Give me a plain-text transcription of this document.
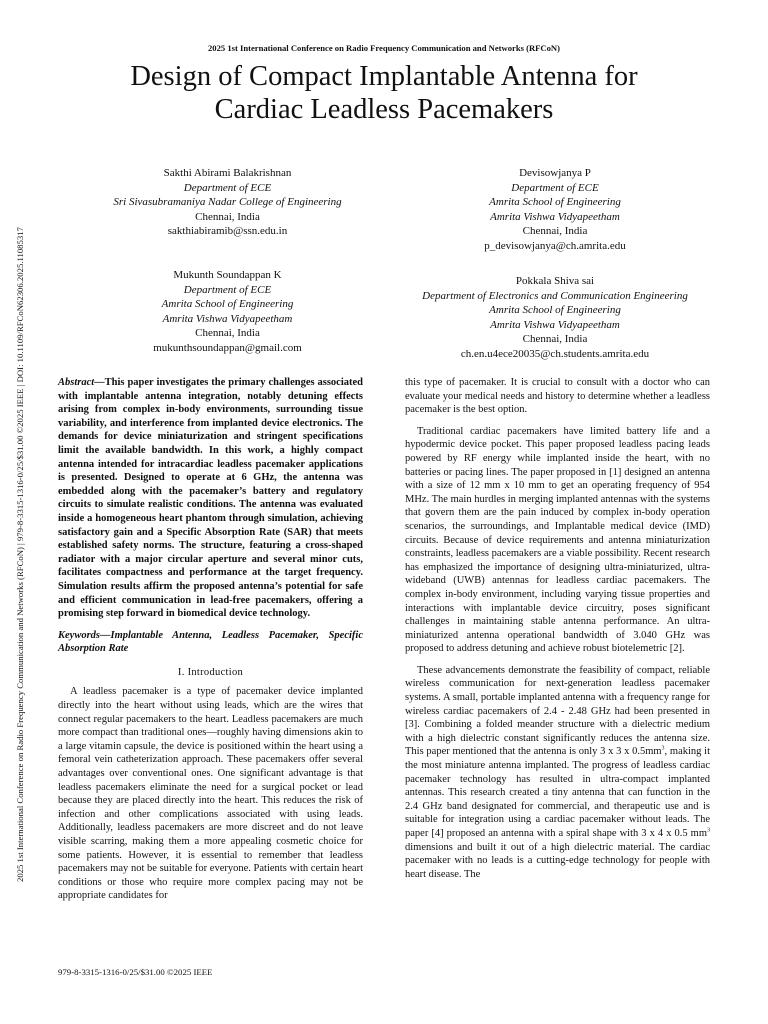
2025 1st International Conference on Radio Frequency Communication and Networks (RFCoN)
Design of Compact Implantable Antenna for
Cardiac Leadless Pacemakers
2025 1st International Conference on Radio Frequency Communication and Networks (RFCoN) | 979-8-3315-1316-0/25/$31.00 ©2025 IEEE | DOI: 10.1109/RFCoN62306.2025.11085317
Sakthi Abirami Balakrishnan
Department of ECE
Sri Sivasubramaniya Nadar College of Engineering
Chennai, India
sakthiabiramib@ssn.edu.in
Devisowjanya P
Department of ECE
Amrita School of Engineering
Amrita Vishwa Vidyapeetham
Chennai, India
p_devisowjanya@ch.amrita.edu
Mukunth Soundappan K
Department of ECE
Amrita School of Engineering
Amrita Vishwa Vidyapeetham
Chennai, India
mukunthsoundappan@gmail.com
Pokkala Shiva sai
Department of Electronics and Communication Engineering
Amrita School of Engineering
Amrita Vishwa Vidyapeetham
Chennai, India
ch.en.u4ece20035@ch.students.amrita.edu

Abstract—This paper investigates the primary challenges associated with implantable antenna integration, notably detuning effects arising from complex in-body environments, surrounding tissue variability, and interference from implanted device electronics. The demands for device miniaturization and stringent specifications limit the available bandwidth. In this work, a highly compact antenna intended for intracardiac leadless pacemaker applications is presented. Designed to operate at 6 GHz, the antenna was embedded along with the pacemaker’s battery and regulatory circuits to simulate realistic conditions. The antenna was evaluated inside a homogeneous heart phantom through simulation, achieving satisfactory gain and a Specific Absorption Rate (SAR) that meets established safety norms. The structure, featuring a cross-shaped radiator with a major circular aperture and several minor cuts, facilitates compactness and performance at the target frequency. Simulation results affirm the proposed antenna’s potential for safe and efficient communication in lead-free pacemakers, offering a promising step forward in biomedical device technology.

Keywords—Implantable Antenna, Leadless Pacemaker, Specific Absorption Rate

I. Introduction

A leadless pacemaker is a type of pacemaker device implanted directly into the heart without using leads, which are the wires that connect regular pacemakers to the heart. Leadless pacemakers are much more compact than traditional ones—roughly having dimensions akin to a large vitamin capsule, the device is positioned within the heart using a femoral vein catheterization approach. These pacemakers offer several advantages over conventional ones. One significant advantage is that leadless pacemakers eliminate the need for a surgical pocket or lead because they are placed directly into the heart. This reduces the risk of infection and other complications associated with using leads. Additionally, leadless pacemakers are more discreet and do not leave visible scarring, making them a more appealing cosmetic choice for some patients. However, it is essential to remember that leadless pacemakers may not be suitable for everyone. Patients with certain heart conditions or those who require more complex pacing may not be appropriate candidates for

this type of pacemaker. It is crucial to consult with a doctor who can evaluate your medical needs and history to determine whether a leadless pacemaker is the best option.

Traditional cardiac pacemakers have limited battery life and a hypodermic device pocket. This paper proposed leadless pacing leads powered by RF energy while implanted inside the heart, with no batteries or pacing lines. The paper proposed in [1] designed an antenna with a size of 12 mm x 10 mm to get an operating frequency of 954 MHz. The main hurdles in merging implanted antennas with the systems that govern them are the pain induced by complex in-body operation scenarios, the surroundings, and Implantable medical device (IMD) circuits. Because of device requirements and antenna miniaturization constraints, leadless pacemakers are a viable possibility. Recent research has emphasized the importance of designing ultra-miniaturized, ultra-wideband (UWB) antennas for leadless cardiac pacemakers. The complex in-body environment, including varying tissue properties and interactions with implantable device circuitry, poses significant challenges in maintaining stable antenna performance. An ultra-miniaturized antenna operational bandwidth of 3.040 GHz was proposed to address detuning and achieve robust biotelemetric [2].

These advancements demonstrate the feasibility of compact, reliable wireless communication for next-generation leadless pacemaker systems. A small, portable implanted antenna with a frequency range for wireless cardiac pacemakers of 2.4 - 2.48 GHz had been presented in [3]. Combining a folded meander structure with a dielectric medium with a high dielectric constant significantly reduces the antenna size. This paper mentioned that the antenna is only 3 x 3 x $0.5mm^3$, making it the most miniature antenna implanted. The progress of leadless cardiac pacemaker technology has resulted in ultra-compact implanted antennas. This research created a tiny antenna that can function in the 2.4 GHz band designated for commercial, and therapeutic use and is suitable for integration using a cardiac pacemaker without leads. The paper [4] proposed an antenna with a spiral shape with 3 x 4 x 0.5 $mm^3$ dimensions and built it out of a high dielectric material. The cardiac pacemaker with no leads is a cutting-edge technology for people with heart disease. The

979-8-3315-1316-0/25/$31.00 ©2025 IEEE
